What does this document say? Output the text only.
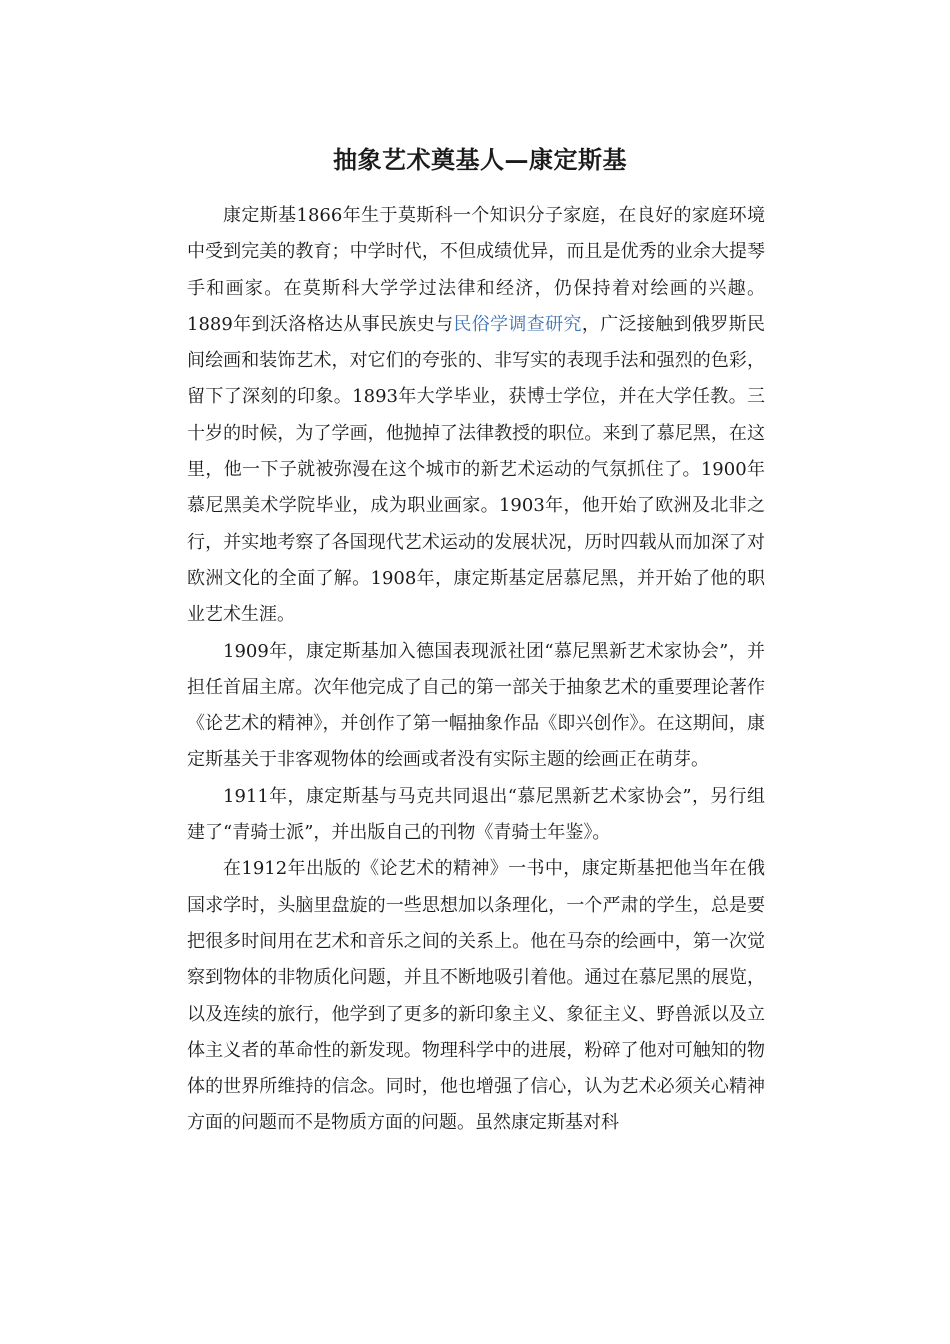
抽象艺术奠基人—康定斯基

康定斯基1866年生于莫斯科一个知识分子家庭，在良好的家庭环境中受到完美的教育；中学时代，不但成绩优异，而且是优秀的业余大提琴手和画家。在莫斯科大学学过法律和经济，仍保持着对绘画的兴趣。1889年到沃洛格达从事民族史与民俗学调查研究，广泛接触到俄罗斯民间绘画和装饰艺术，对它们的夸张的、非写实的表现手法和强烈的色彩，留下了深刻的印象。1893年大学毕业，获博士学位，并在大学任教。三十岁的时候，为了学画，他抛掉了法律教授的职位。来到了慕尼黑，在这里，他一下子就被弥漫在这个城市的新艺术运动的气氛抓住了。1900年慕尼黑美术学院毕业，成为职业画家。1903年，他开始了欧洲及北非之行，并实地考察了各国现代艺术运动的发展状况，历时四载从而加深了对欧洲文化的全面了解。1908年，康定斯基定居慕尼黑，并开始了他的职业艺术生涯。

1909年，康定斯基加入德国表现派社团“慕尼黑新艺术家协会”，并担任首届主席。次年他完成了自己的第一部关于抽象艺术的重要理论著作《论艺术的精神》，并创作了第一幅抽象作品《即兴创作》。在这期间，康定斯基关于非客观物体的绘画或者没有实际主题的绘画正在萌芽。

1911年，康定斯基与马克共同退出“慕尼黑新艺术家协会”，另行组建了“青骑士派”，并出版自己的刊物《青骑士年鉴》。

在1912年出版的《论艺术的精神》一书中，康定斯基把他当年在俄国求学时，头脑里盘旋的一些思想加以条理化，一个严肃的学生，总是要把很多时间用在艺术和音乐之间的关系上。他在马奈的绘画中，第一次觉察到物体的非物质化问题，并且不断地吸引着他。通过在慕尼黑的展览，以及连续的旅行，他学到了更多的新印象主义、象征主义、野兽派以及立体主义者的革命性的新发现。物理科学中的进展，粉碎了他对可触知的物体的世界所维持的信念。同时，他也增强了信心，认为艺术必须关心精神方面的问题而不是物质方面的问题。虽然康定斯基对科
